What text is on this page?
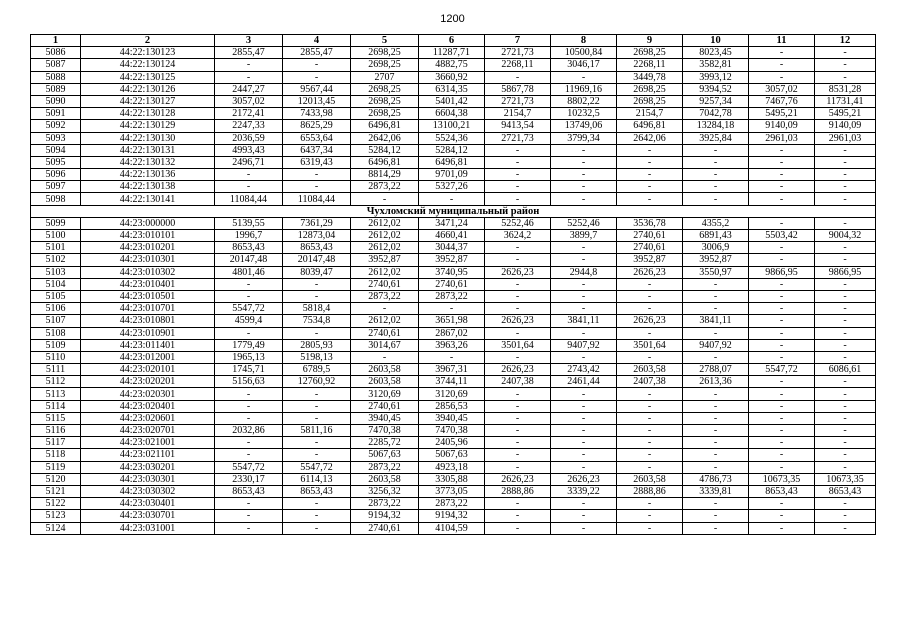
1200
1	2	3	4	5	6	7	8	9	10	11	12
5086	44:22:130123	2855,47	2855,47	2698,25	11287,71	2721,73	10500,84	2698,25	8023,45	-	-
5087	44:22:130124	-	-	2698,25	4882,75	2268,11	3046,17	2268,11	3582,81	-	-
5088	44:22:130125	-	-	2707	3660,92	-	-	3449,78	3993,12	-	-
5089	44:22:130126	2447,27	9567,44	2698,25	6314,35	5867,78	11969,16	2698,25	9394,52	3057,02	8531,28
5090	44:22:130127	3057,02	12013,45	2698,25	5401,42	2721,73	8802,22	2698,25	9257,34	7467,76	11731,41
5091	44:22:130128	2172,41	7433,98	2698,25	6604,38	2154,7	10232,5	2154,7	7042,78	5495,21	5495,21
5092	44:22:130129	2247,33	8625,29	6496,81	13100,21	9413,54	13749,06	6496,81	13284,18	9140,09	9140,09
5093	44:22:130130	2036,59	6553,64	2642,06	5524,36	2721,73	3799,34	2642,06	3925,84	2961,03	2961,03
5094	44:22:130131	4993,43	6437,34	5284,12	5284,12	-	-	-	-	-	-
5095	44:22:130132	2496,71	6319,43	6496,81	6496,81	-	-	-	-	-	-
5096	44:22:130136	-	-	8814,29	9701,09	-	-	-	-	-	-
5097	44:22:130138	-	-	2873,22	5327,26	-	-	-	-	-	-
5098	44:22:130141	11084,44	11084,44	-	-	-	-	-	-	-	-
Чухломский муниципальный район											
5099	44:23:000000	5139,55	7361,29	2612,02	3471,24	5252,46	5252,46	3536,78	4355,2	-	-
5100	44:23:010101	1996,7	12873,04	2612,02	4660,41	3624,2	3899,7	2740,61	6891,43	5503,42	9004,32
5101	44:23:010201	8653,43	8653,43	2612,02	3044,37	-	-	2740,61	3006,9	-	-
5102	44:23:010301	20147,48	20147,48	3952,87	3952,87	-	-	3952,87	3952,87	-	-
5103	44:23:010302	4801,46	8039,47	2612,02	3740,95	2626,23	2944,8	2626,23	3550,97	9866,95	9866,95
5104	44:23:010401	-	-	2740,61	2740,61	-	-	-	-	-	-
5105	44:23:010501	-	-	2873,22	2873,22	-	-	-	-	-	-
5106	44:23:010701	5547,72	5818,4	-	-	-	-	-	-	-	-
5107	44:23:010801	4599,4	7534,8	2612,02	3651,98	2626,23	3841,11	2626,23	3841,11	-	-
5108	44:23:010901	-	-	2740,61	2867,02	-	-	-	-	-	-
5109	44:23:011401	1779,49	2805,93	3014,67	3963,26	3501,64	9407,92	3501,64	9407,92	-	-
5110	44:23:012001	1965,13	5198,13	-	-	-	-	-	-	-	-
5111	44:23:020101	1745,71	6789,5	2603,58	3967,31	2626,23	2743,42	2603,58	2788,07	5547,72	6086,61
5112	44:23:020201	5156,63	12760,92	2603,58	3744,11	2407,38	2461,44	2407,38	2613,36	-	-
5113	44:23:020301	-	-	3120,69	3120,69	-	-	-	-	-	-
5114	44:23:020401	-	-	2740,61	2856,53	-	-	-	-	-	-
5115	44:23:020601	-	-	3940,45	3940,45	-	-	-	-	-	-
5116	44:23:020701	2032,86	5811,16	7470,38	7470,38	-	-	-	-	-	-
5117	44:23:021001	-	-	2285,72	2405,96	-	-	-	-	-	-
5118	44:23:021101	-	-	5067,63	5067,63	-	-	-	-	-	-
5119	44:23:030201	5547,72	5547,72	2873,22	4923,18	-	-	-	-	-	-
5120	44:23:030301	2330,17	6114,13	2603,58	3305,88	2626,23	2626,23	2603,58	4786,73	10673,35	10673,35
5121	44:23:030302	8653,43	8653,43	3256,32	3773,05	2888,86	3339,22	2888,86	3339,81	8653,43	8653,43
5122	44:23:030401	-	-	2873,22	2873,22	-	-	-	-	-	-
5123	44:23:030701	-	-	9194,32	9194,32	-	-	-	-	-	-
5124	44:23:031001	-	-	2740,61	4104,59	-	-	-	-	-	-
